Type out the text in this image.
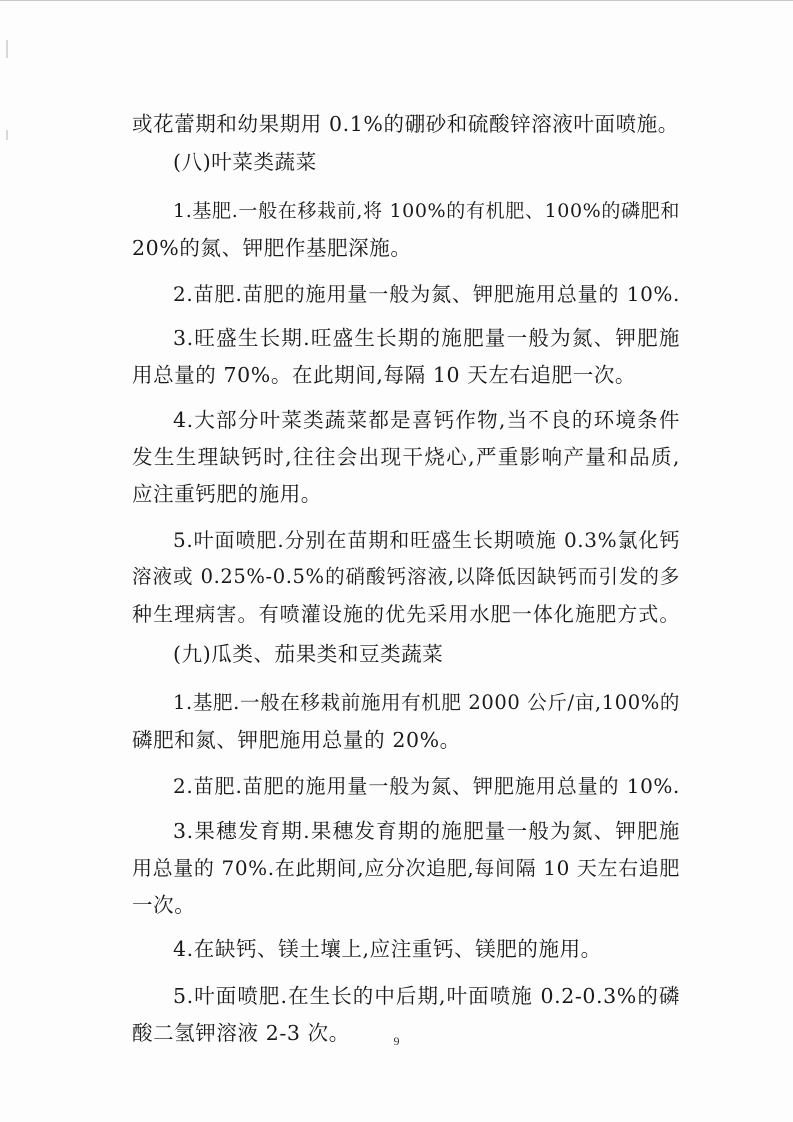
或花蕾期和幼果期用 0.1%的硼砂和硫酸锌溶液叶面喷施。
(八)叶菜类蔬菜
1.基肥.一般在移栽前,将 100%的有机肥、100%的磷肥和
20%的氮、钾肥作基肥深施。
2.苗肥.苗肥的施用量一般为氮、钾肥施用总量的 10%.
3.旺盛生长期.旺盛生长期的施肥量一般为氮、钾肥施
用总量的 70%。在此期间,每隔 10 天左右追肥一次。
4.大部分叶菜类蔬菜都是喜钙作物,当不良的环境条件
发生生理缺钙时,往往会出现干烧心,严重影响产量和品质,
应注重钙肥的施用。
5.叶面喷肥.分别在苗期和旺盛生长期喷施 0.3%氯化钙
溶液或 0.25%-0.5%的硝酸钙溶液,以降低因缺钙而引发的多
种生理病害。有喷灌设施的优先采用水肥一体化施肥方式。
(九)瓜类、茄果类和豆类蔬菜
1.基肥.一般在移栽前施用有机肥 2000 公斤/亩,100%的
磷肥和氮、钾肥施用总量的 20%。
2.苗肥.苗肥的施用量一般为氮、钾肥施用总量的 10%.
3.果穗发育期.果穗发育期的施肥量一般为氮、钾肥施
用总量的 70%.在此期间,应分次追肥,每间隔 10 天左右追肥
一次。
4.在缺钙、镁土壤上,应注重钙、镁肥的施用。
5.叶面喷肥.在生长的中后期,叶面喷施 0.2-0.3%的磷
酸二氢钾溶液 2-3 次。	9
